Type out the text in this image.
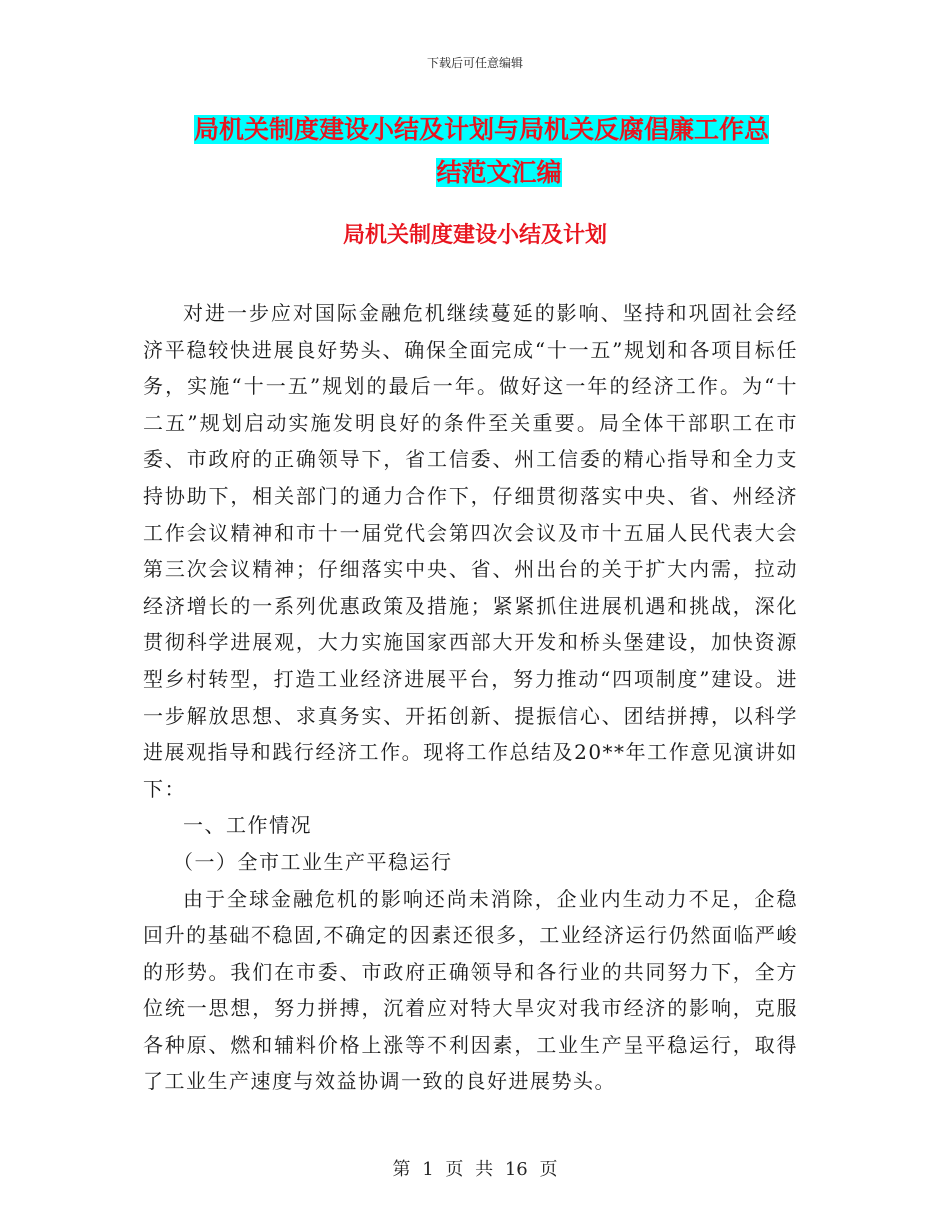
下载后可任意编辑
局机关制度建设小结及计划与局机关反腐倡廉工作总
结范文汇编
局机关制度建设小结及计划

对进一步应对国际金融危机继续蔓延的影响、坚持和巩固社会经济平稳较快进展良好势头、确保全面完成“十一五”规划和各项目标任务，实施“十一五”规划的最后一年。做好这一年的经济工作。为“十二五”规划启动实施发明良好的条件至关重要。局全体干部职工在市委、市政府的正确领导下，省工信委、州工信委的精心指导和全力支持协助下，相关部门的通力合作下，仔细贯彻落实中央、省、州经济工作会议精神和市十一届党代会第四次会议及市十五届人民代表大会第三次会议精神；仔细落实中央、省、州出台的关于扩大内需，拉动经济增长的一系列优惠政策及措施；紧紧抓住进展机遇和挑战，深化贯彻科学进展观，大力实施国家西部大开发和桥头堡建设，加快资源型乡村转型，打造工业经济进展平台，努力推动“四项制度”建设。进一步解放思想、求真务实、开拓创新、提振信心、团结拼搏，以科学进展观指导和践行经济工作。现将工作总结及20**年工作意见演讲如下：

一、工作情况

（一）全市工业生产平稳运行

由于全球金融危机的影响还尚未消除，企业内生动力不足，企稳回升的基础不稳固,不确定的因素还很多，工业经济运行仍然面临严峻的形势。我们在市委、市政府正确领导和各行业的共同努力下，全方位统一思想，努力拼搏，沉着应对特大旱灾对我市经济的影响，克服各种原、燃和辅料价格上涨等不利因素，工业生产呈平稳运行，取得了工业生产速度与效益协调一致的良好进展势头。

第 1 页 共 16 页
